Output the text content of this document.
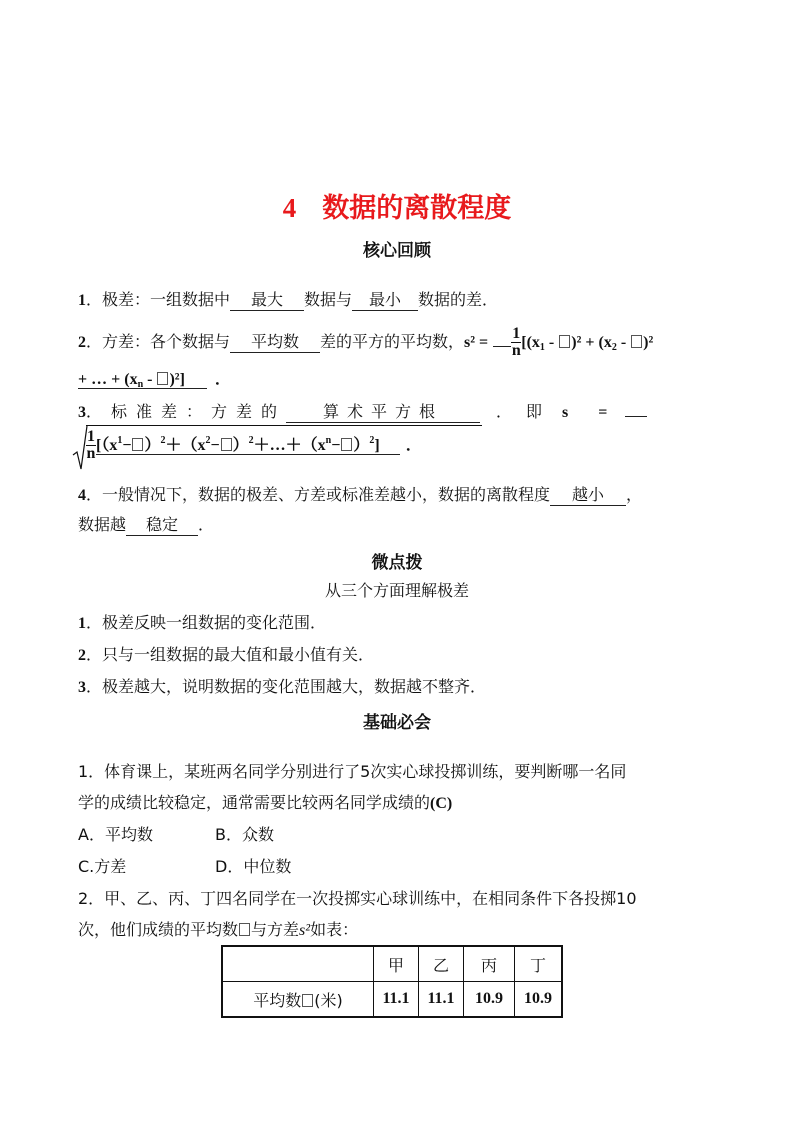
4 数据的离散程度
核心回顾
1．极差：一组数据中 最大 数据与 最小 数据的差．
2．方差：各个数据与 平均数 差的平方的平均数，$s^2 = \frac{1}{n} [(x_1 - )^2 + (x_2 - )^2$
+ … + $(x_n - )^2$] ．
3．标准差：方差的 算术平方根	．即 s =
$\frac{1}{n} [(x^1- )^2+(x^2-$ ）$^2+\dots+(x^n- )^2$] ．
4．一般情况下，数据的极差、方差或标准差越小，数据的离散程度 越小 ，
数据越 稳定 ．
微点拨
从三个方面理解极差
1．极差反映一组数据的变化范围．
2．只与一组数据的最大值和最小值有关．
3．极差越大，说明数据的变化范围越大，数据越不整齐．
基础必会
1．体育课上，某班两名同学分别进行了5次实心球投掷训练，要判断哪一名同
学的成绩比较稳定，通常需要比较两名同学成绩的(C)
A．平均数	B．众数
C.方差	D．中位数
2．甲、乙、丙、丁四名同学在一次投掷实心球训练中，在相同条件下各投掷10
次，他们成绩的平均数 与方差s²如表：
	甲	乙	丙	丁
平均数 (米)	11.1	11.1	10.9	10.9
